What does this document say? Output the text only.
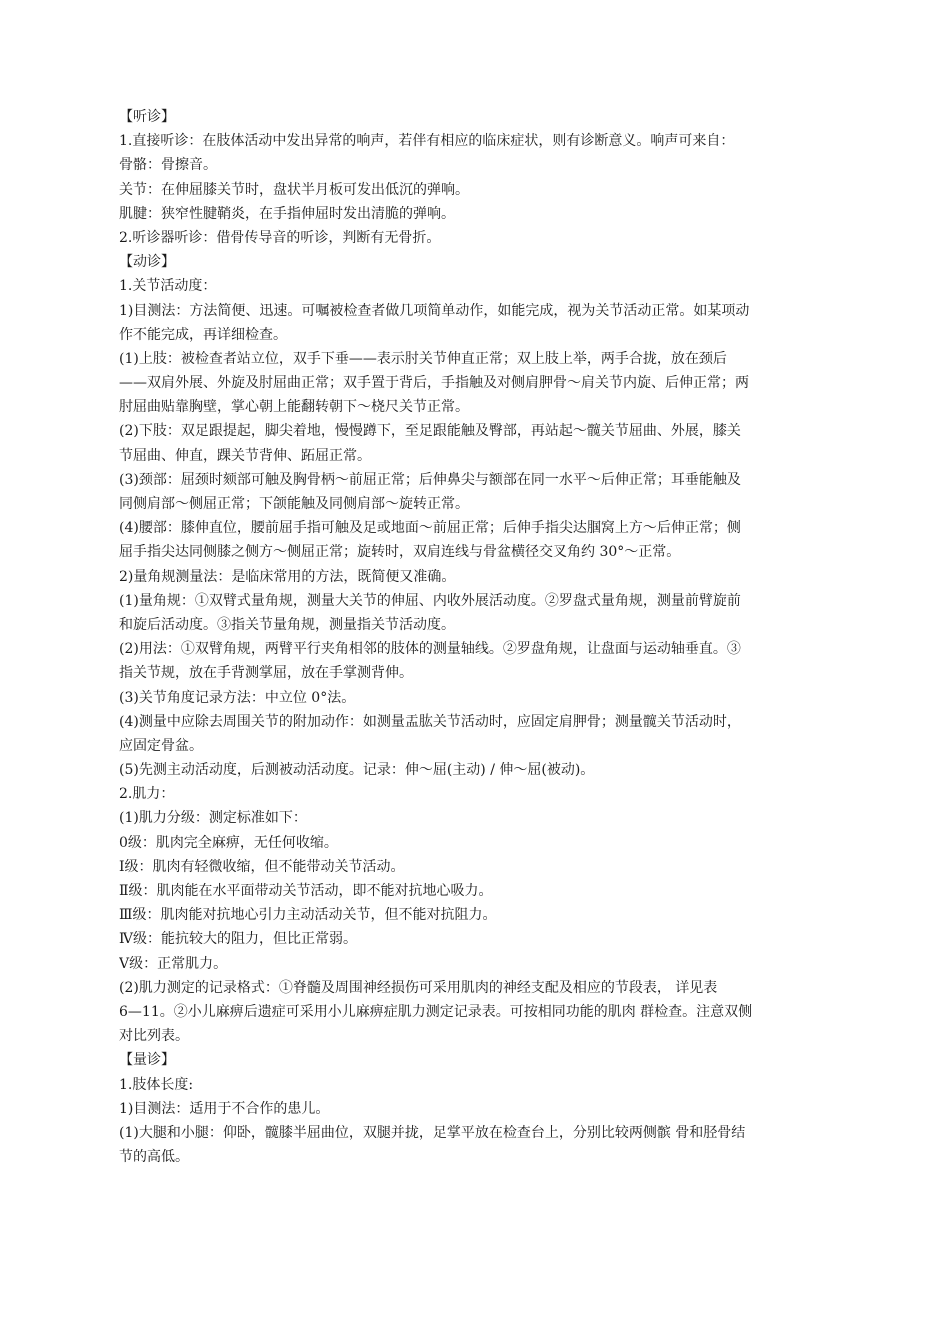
【听诊】
1.直接听诊：在肢体活动中发出异常的响声，若伴有相应的临床症状，则有诊断意义。响声可来自：
骨骼：骨擦音。
关节：在伸屈膝关节时，盘状半月板可发出低沉的弹响。
肌腱：狭窄性腱鞘炎，在手指伸屈时发出清脆的弹响。
2.听诊器听诊：借骨传导音的听诊，判断有无骨折。
【动诊】
1.关节活动度：
1)目测法：方法简便、迅速。可嘱被检查者做几项简单动作，如能完成，视为关节活动正常。如某项动
作不能完成，再详细检查。
(1)上肢：被检查者站立位，双手下垂——表示肘关节伸直正常；双上肢上举，两手合拢，放在颈后
——双肩外展、外旋及肘屈曲正常；双手置于背后，手指触及对侧肩胛骨～肩关节内旋、后伸正常；两
肘屈曲贴靠胸壁，掌心朝上能翻转朝下～桡尺关节正常。
(2)下肢：双足跟提起，脚尖着地，慢慢蹲下，至足跟能触及臀部，再站起～髋关节屈曲、外展，膝关
节屈曲、伸直，踝关节背伸、跖屈正常。
(3)颈部：屈颈时颏部可触及胸骨柄～前屈正常；后伸鼻尖与额部在同一水平～后伸正常；耳垂能触及
同侧肩部～侧屈正常；下颌能触及同侧肩部～旋转正常。
(4)腰部：膝伸直位，腰前屈手指可触及足或地面～前屈正常；后伸手指尖达腘窝上方～后伸正常；侧
屈手指尖达同侧膝之侧方～侧屈正常；旋转时，双肩连线与骨盆横径交叉角约 30°～正常。
2)量角规测量法：是临床常用的方法，既简便又准确。
(1)量角规：①双臂式量角规，测量大关节的伸屈、内收外展活动度。②罗盘式量角规，测量前臂旋前
和旋后活动度。③指关节量角规，测量指关节活动度。
(2)用法：①双臂角规，两臂平行夹角相邻的肢体的测量轴线。②罗盘角规，让盘面与运动轴垂直。③
指关节规，放在手背测掌屈，放在手掌测背伸。
(3)关节角度记录方法：中立位 0°法。
(4)测量中应除去周围关节的附加动作：如测量盂肱关节活动时，应固定肩胛骨；测量髋关节活动时，
应固定骨盆。
(5)先测主动活动度，后测被动活动度。记录：伸～屈(主动) / 伸～屈(被动)。
2.肌力：
(1)肌力分级：测定标准如下：
0级：肌肉完全麻痹，无任何收缩。
Ⅰ级：肌肉有轻微收缩，但不能带动关节活动。
Ⅱ级：肌肉能在水平面带动关节活动，即不能对抗地心吸力。
Ⅲ级：肌肉能对抗地心引力主动活动关节，但不能对抗阻力。
Ⅳ级：能抗较大的阻力，但比正常弱。
Ⅴ级：正常肌力。
(2)肌力测定的记录格式：①脊髓及周围神经损伤可采用肌肉的神经支配及相应的节段表， 详见表
6—11。②小儿麻痹后遗症可采用小儿麻痹症肌力测定记录表。可按相同功能的肌肉 群检查。注意双侧
对比列表。
【量诊】
1.肢体长度:
1)目测法：适用于不合作的患儿。
(1)大腿和小腿：仰卧，髋膝半屈曲位，双腿并拢，足掌平放在检查台上，分别比较两侧髌 骨和胫骨结
节的高低。
